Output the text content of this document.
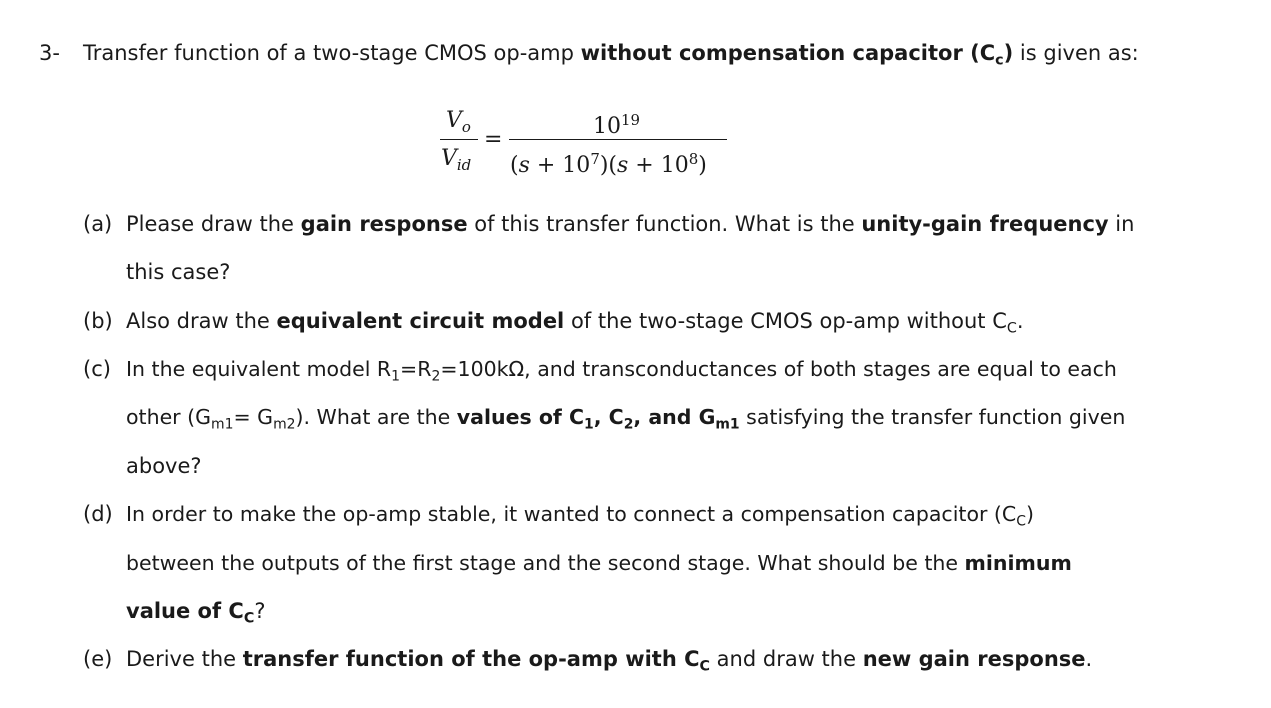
3- Transfer function of a two-stage CMOS op-amp without compensation capacitor $(C_c)$ is given as:
$V_o$
$V_{id}$
=
$10^{19}$
$(s + 10^7)(s + 10^8)$
(a) Please draw the gain response of this transfer function. What is the unity-gain frequency in
this case?
(b) Also draw the equivalent circuit model of the two-stage CMOS op-amp without $C_C$.
(c) In the equivalent model $R_1=R_2=100k\Omega$, and transconductances of both stages are equal to each
other $(G_{m1}= G_{m2})$. What are the values of $C_1$, $C_2$, and $G_{m1}$ satisfying the transfer function given
above?
(d) In order to make the op-amp stable, it wanted to connect a compensation capacitor $(C_C)$
between the outputs of the first stage and the second stage. What should be the minimum
value of $C_C$?
(e) Derive the transfer function of the op-amp with $C_C$ and draw the new gain response.
